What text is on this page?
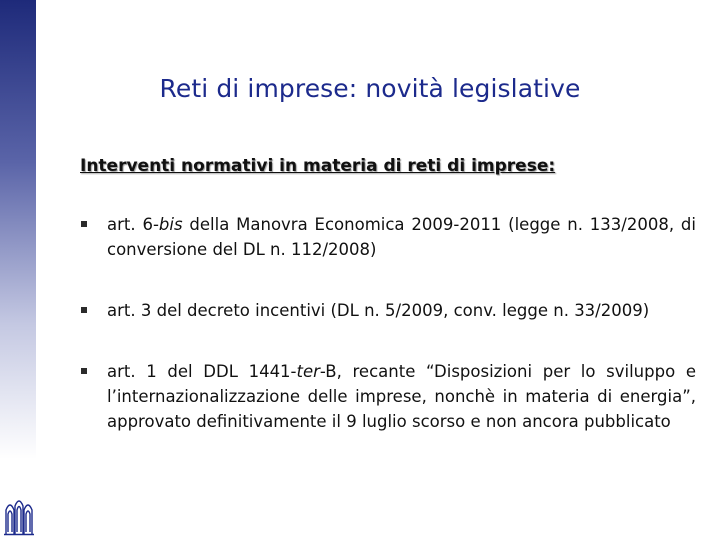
Reti di imprese: novità legislative
Interventi normativi in materia di reti di imprese:
art. 6-bis della Manovra Economica 2009-2011 (legge n. 133/2008, di conversione del DL n. 112/2008)
art. 3 del decreto incentivi (DL n. 5/2009, conv. legge n. 33/2009)
art. 1 del DDL 1441-ter-B, recante “Disposizioni per lo sviluppo e l’internazionalizzazione delle imprese, nonchè in materia di energia”, approvato definitivamente il 9 luglio scorso e non ancora pubblicato
